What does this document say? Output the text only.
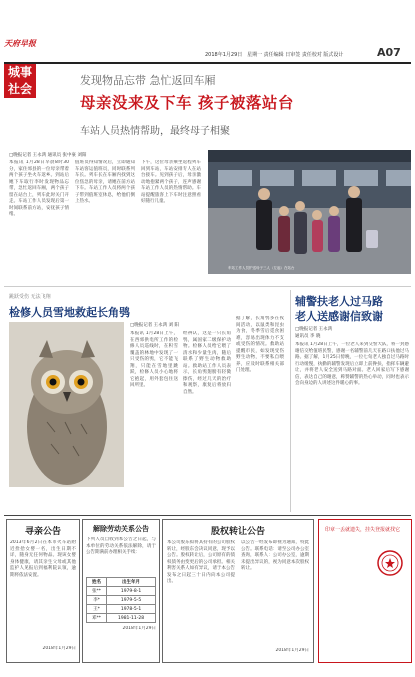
天府早报
2018年1月29日 星期一 责任编辑 日审签 责任校对 版式设计	A07
城事
社会
发现物品忘带 急忙返回车厢
母亲没来及下车 孩子被落站台
车站人员热情帮助，最终母子相聚
□晚报记者 王永鸿 通讯员 张中豪 刘阳
本报讯 1月28日早晨8时30分，家住郊县的一位母亲带着两个孩子坐火车返乡。到站后她下车取行李时发现物品忘带，急忙返回车厢，两个孩子留在站台上，列车此时关门开走。车站工作人员发现后第一时间联系前方站，安抚孩子情绪。
值班员得知情况后，立即通知车站客运值班员，同时联系列车长。列车长在车厢内找到这位焦急的母亲，请她在前方站下车。车站工作人员将两个孩子带到值班室休息，给他们倒上热水。
下午，这位母亲乘坐返程列车回到车站，车站安排专人在站台接车。见到孩子后，母亲激动地抱紧两个孩子，连声感谢车站工作人员的热情帮助。车站提醒旅客上下车时注意照看好随行儿童。
车站工作人员护送母子三人（左起）在站台
跳跃受伤 无法飞翔
检修人员雪地救起长角鸮
□晚报记者 王永鸿 刘 阳
本报讯 1月28日上午，在西郊供电所工作的检修人员巡线时，在积雪覆盖的林地中发现了一只受伤的鸮，它不能飞翔，只能在雪地里跳跃，检修人员小心地将它抱起，用外套包住送回所里。
经辨认，这是一只长角鸮，属国家二级保护动物。检修人员给它喂了清水和少量生肉，随后联系了野生动物救助站。救助站工作人员表示，长角鸮翅膀有轻微擦伤，经过几天的治疗和观察，康复后将放归自然。
据了解，长角鸮多在夜间活动，以鼠类和昆虫为食，冬季雪后觅食困难，容易出现体力不支或受伤的情况。救助站提醒市民，如发现受伤野生动物，不要私自喂养，应及时联系相关部门处理。
辅警扶老人过马路
老人送感谢信致谢
□晚报记者 王永鸿
通讯员 李 晓
本报讯 1月28日上午，一位老人来到交警大队，将一封感谢信交给值班民警，感谢一名辅警前几天在路口扶他过马路。据了解，1月25日傍晚，一位七旬老人独自过马路时行动缓慢，执勤的辅警发现后立即上前搀扶，指挥车辆避让，并将老人安全送到马路对面。老人回家后写下感谢信，表达自己的谢意，称赞辅警的热心举动，同时也表示会向身边的人讲述这件暖心的事。
寻亲公告
2013年6月2日在本市火车站附近捡拾女婴一名，出生日期不详，随身无任何物品。现该女婴身体健康，请其亲生父母或其他监护人见报后到福利院认领，逾期将依法安置。
2018年1月29日
解除劳动关系公告
下列人员自收到本公告之日起，与本单位的劳动关系依法解除，请于公告期满前办理相关手续：
姓名	出生年月
张**	1979-8-1
李*	1979-5-5
王*	1978-5-1
邓**	1981-11-28
2018年1月29日
股权转让公告
本公司股东拟将其持有的公司股权转让，经股东会决议同意，现予以公告。股权转让后，公司原有的债权债务由变更后的公司承担。相关利害关系人如有异议，请于本公告发布之日起三十日内向本公司提出。
以公告一经发布即视为通知，特此公告。联系电话：请至公司办公室查询，联系人：公司办公室，逾期未提出异议的，视为同意本次股权转让。
2018年1月29日
印章一丢就遗失，挂失登报就找它
